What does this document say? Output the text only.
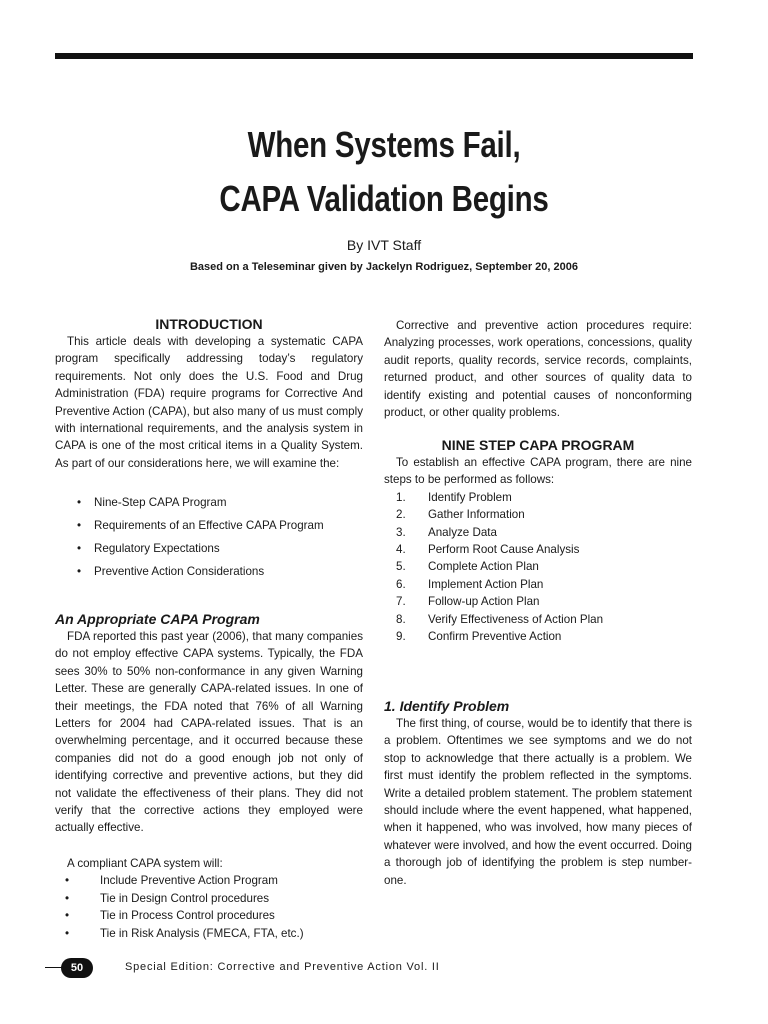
When Systems Fail,
CAPA Validation Begins
By IVT Staff
Based on a Teleseminar given by Jackelyn Rodriguez, September 20, 2006

INTRODUCTION

This article deals with developing a systematic CAPA program specifically addressing today’s regulatory requirements. Not only does the U.S. Food and Drug Administration (FDA) require programs for Corrective And Preventive Action (CAPA), but also many of us must comply with international requirements, and the analysis system in CAPA is one of the most critical items in a Quality System. As part of our considerations here, we will examine the:

• Nine-Step CAPA Program
• Requirements of an Effective CAPA Program
• Regulatory Expectations
• Preventive Action Considerations

An Appropriate CAPA Program

FDA reported this past year (2006), that many companies do not employ effective CAPA systems. Typically, the FDA sees 30% to 50% non-conformance in any given Warning Letter. These are generally CAPA-related issues. In one of their meetings, the FDA noted that 76% of all Warning Letters for 2004 had CAPA-related issues. That is an overwhelming percentage, and it occurred because these companies did not do a good enough job not only of identifying corrective and preventive actions, but they did not validate the effectiveness of their plans. They did not verify that the corrective actions they employed were actually effective.

A compliant CAPA system will:

•	Include Preventive Action Program
•	Tie in Design Control procedures
•	Tie in Process Control procedures
•	Tie in Risk Analysis (FMECA, FTA, etc.)

Corrective and preventive action procedures require: Analyzing processes, work operations, concessions, quality audit reports, quality records, service records, complaints, returned product, and other sources of quality data to identify existing and potential causes of nonconforming product, or other quality problems.

NINE STEP CAPA PROGRAM

To establish an effective CAPA program, there are nine steps to be performed as follows:

1. Identify Problem
2. Gather Information
3. Analyze Data
4. Perform Root Cause Analysis
5. Complete Action Plan
6. Implement Action Plan
7. Follow-up Action Plan
8. Verify Effectiveness of Action Plan
9. Confirm Preventive Action

1. Identify Problem

The first thing, of course, would be to identify that there is a problem. Oftentimes we see symptoms and we do not stop to acknowledge that there actually is a problem. We first must identify the problem reflected in the symptoms. Write a detailed problem statement. The problem statement should include where the event happened, what happened, when it happened, who was involved, how many pieces of whatever were involved, and how the event occurred. Doing a thorough job of identifying the problem is step number-one.

50	Special Edition: Corrective and Preventive Action Vol. II
